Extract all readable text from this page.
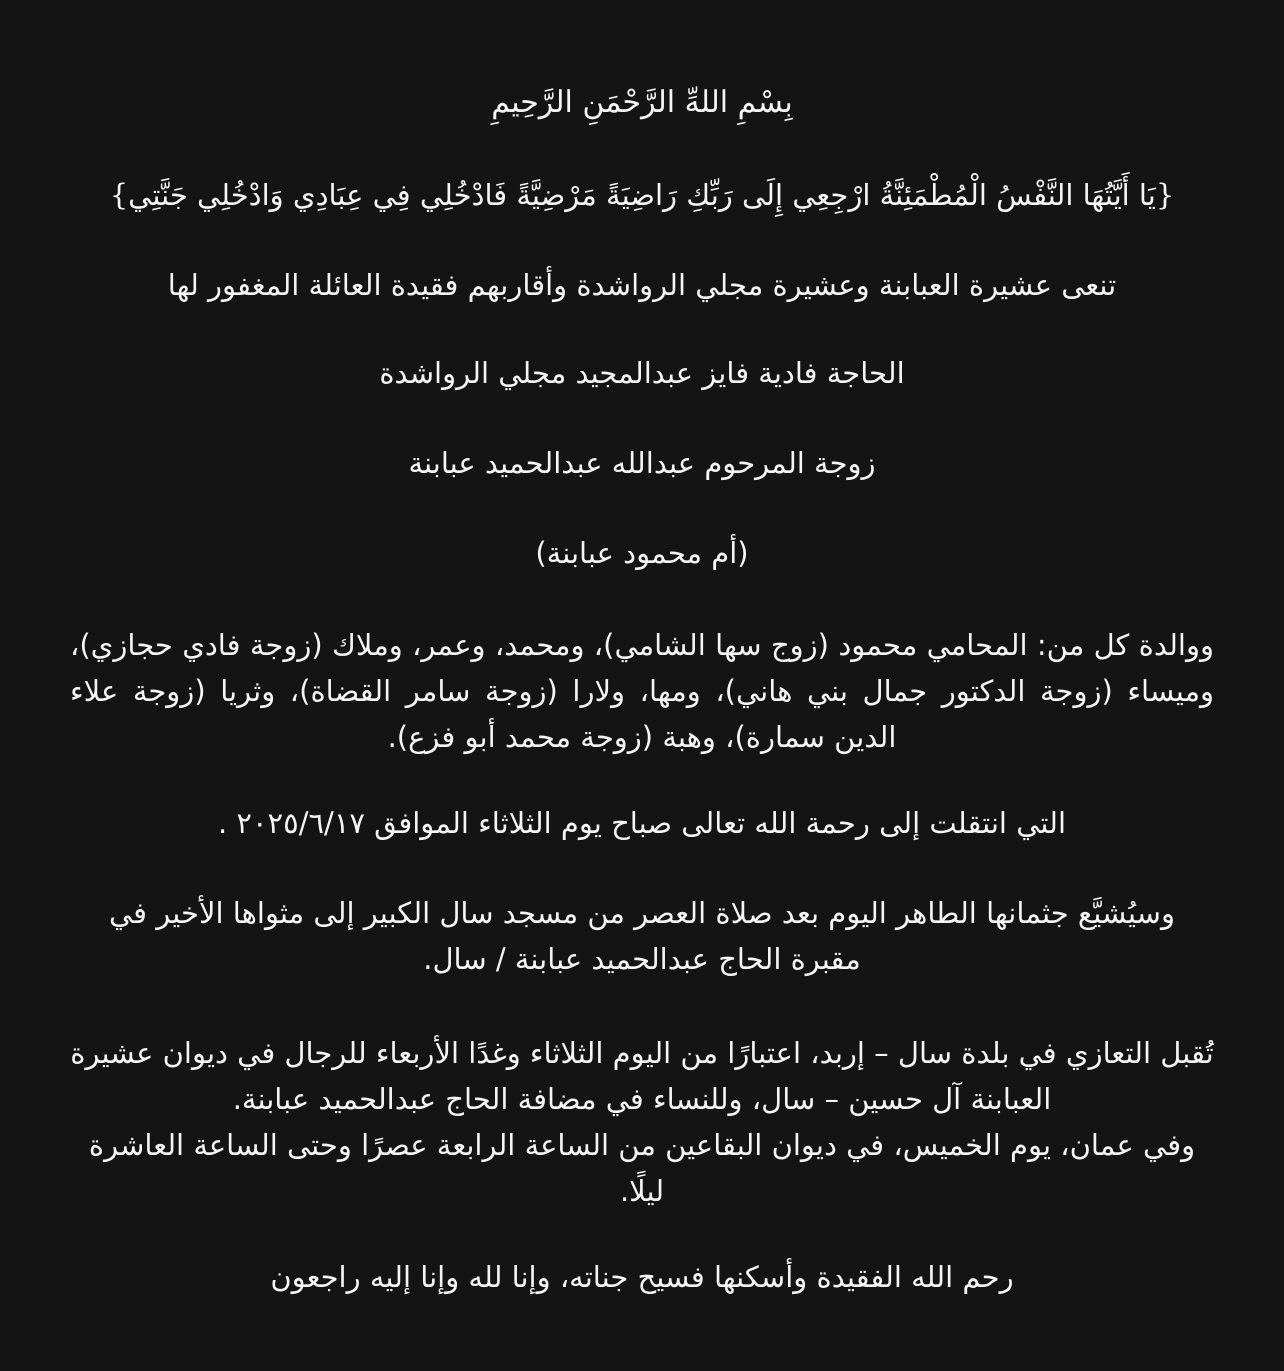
بِسْمِ اللهِّ الرَّحْمَنِ الرَّحِيمِ

{يَا أَيَّتُهَا النَّفْسُ الْمُطْمَئِنَّةُ ارْجِعِي إِلَى رَبِّكِ رَاضِيَةً مَرْضِيَّةً فَادْخُلِي فِي عِبَادِي وَادْخُلِي جَنَّتِي}

تنعى عشيرة العبابنة وعشيرة مجلي الرواشدة وأقاربهم فقيدة العائلة المغفور لها

الحاجة فادية فايز عبدالمجيد مجلي الرواشدة

زوجة المرحوم عبدالله عبدالحميد عبابنة

(أم محمود عبابنة)

ووالدة كل من: المحامي محمود (زوج سها الشامي)، ومحمد، وعمر، وملاك (زوجة فادي حجازي)، وميساء (زوجة الدكتور جمال بني هاني)، ومها، ولارا (زوجة سامر القضاة)، وثريا (زوجة علاء الدين سمارة)، وهبة (زوجة محمد أبو فزع).

التي انتقلت إلى رحمة الله تعالى صباح يوم الثلاثاء الموافق ٢٠٢٥/٦/١٧ .

وسيُشيَّع جثمانها الطاهر اليوم بعد صلاة العصر من مسجد سال الكبير إلى مثواها الأخير في مقبرة الحاج عبدالحميد عبابنة / سال.

تُقبل التعازي في بلدة سال – إربد، اعتبارًا من اليوم الثلاثاء وغدًا الأربعاء للرجال في ديوان عشيرة العبابنة آل حسين – سال، وللنساء في مضافة الحاج عبدالحميد عبابنة.

وفي عمان، يوم الخميس، في ديوان البقاعين من الساعة الرابعة عصرًا وحتى الساعة العاشرة ليلًا.

رحم الله الفقيدة وأسكنها فسيح جناته، وإنا لله وإنا إليه راجعون
